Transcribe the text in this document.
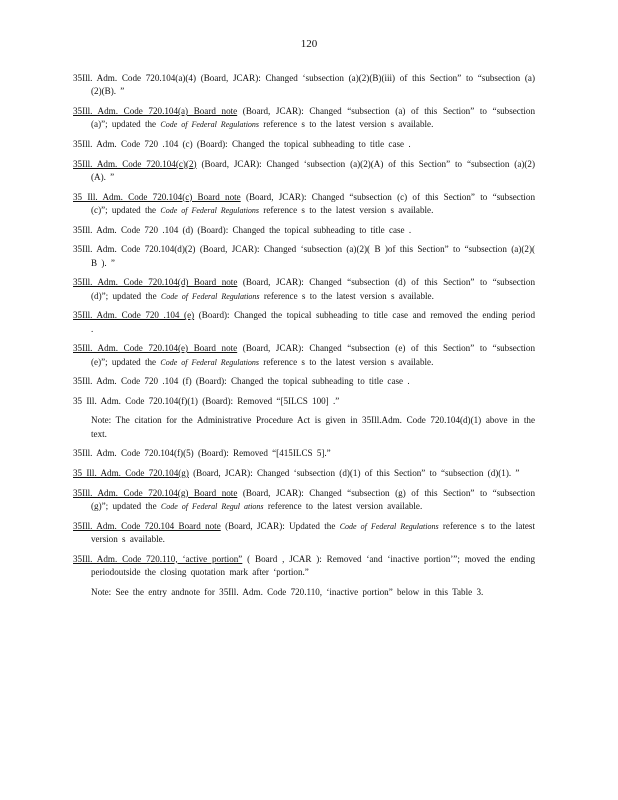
120

35Ill. Adm. Code 720.104(a)(4) (Board, JCAR): Changed ‘subsection (a)(2)(B)(iii) of this Section” to “subsection (a)(2)(B). ”

35Ill. Adm. Code 720.104(a) Board note (Board, JCAR): Changed “subsection (a) of this Section” to “subsection (a)”; updated the Code of Federal Regulations reference s to the latest version s available.

35Ill. Adm. Code 720 .104 (c) (Board): Changed the topical subheading to title case .

35Ill. Adm. Code 720.104(c)(2) (Board, JCAR): Changed ‘subsection (a)(2)(A) of this Section” to “subsection (a)(2)(A). ”

35 Ill. Adm. Code 720.104(c) Board note (Board, JCAR): Changed “subsection (c) of this Section” to “subsection (c)”; updated the Code of Federal Regulations reference s to the latest version s available.

35Ill. Adm. Code 720 .104 (d) (Board): Changed the topical subheading to title case .

35Ill. Adm. Code 720.104(d)(2) (Board, JCAR): Changed ‘subsection (a)(2)( B )of this Section” to “subsection (a)(2)( B ). ”

35Ill. Adm. Code 720.104(d) Board note (Board, JCAR): Changed “subsection (d) of this Section” to “subsection (d)”; updated the Code of Federal Regulations reference s to the latest version s available.

35Ill. Adm. Code 720 .104 (e) (Board): Changed the topical subheading to title case and removed the ending period .

35Ill. Adm. Code 720.104(e) Board note (Board, JCAR): Changed “subsection (e) of this Section” to “subsection (e)”; updated the Code of Federal Regulations reference s to the latest version s available.

35Ill. Adm. Code 720 .104 (f) (Board): Changed the topical subheading to title case .

35 Ill. Adm. Code 720.104(f)(1) (Board): Removed “[5ILCS 100] .”

Note: The citation for the Administrative Procedure Act is given in 35Ill.Adm. Code 720.104(d)(1) above in the text.

35Ill. Adm. Code 720.104(f)(5) (Board): Removed “[415ILCS 5].”

35 Ill. Adm. Code 720.104(g) (Board, JCAR): Changed ‘subsection (d)(1) of this Section” to “subsection (d)(1). ”

35Ill. Adm. Code 720.104(g) Board note (Board, JCAR): Changed “subsection (g) of this Section” to “subsection (g)”; updated the Code of Federal Regul ations reference to the latest version available.

35Ill. Adm. Code 720.104 Board note (Board, JCAR): Updated the Code of Federal Regulations reference s to the latest version s available.

35Ill. Adm. Code 720.110, ‘active portion” ( Board , JCAR ): Removed ‘and ‘inactive portion’”; moved the ending periodoutside the closing quotation mark after ‘portion.”

Note: See the entry andnote for 35Ill. Adm. Code 720.110, ‘inactive portion” below in this Table 3.
